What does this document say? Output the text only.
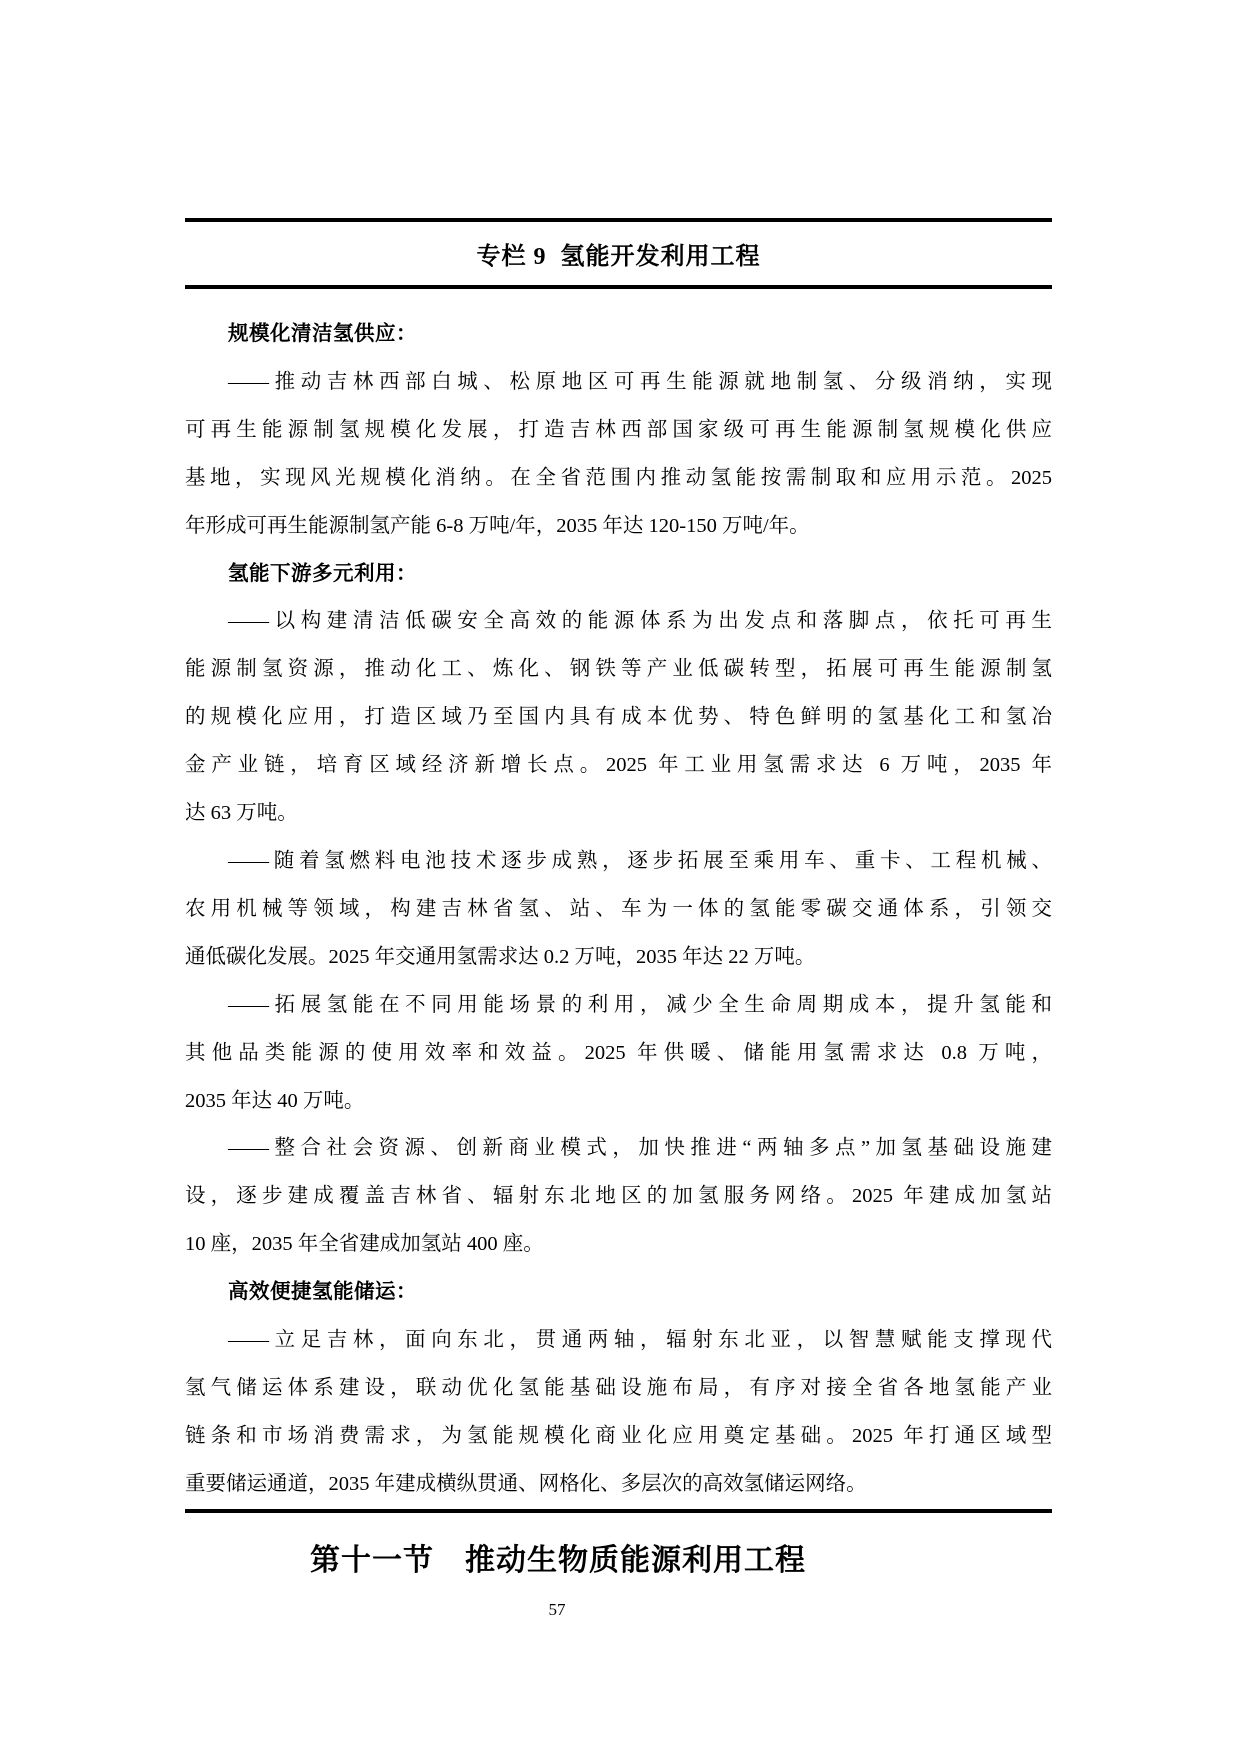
专栏 9  氢能开发利用工程
规模化清洁氢供应：
——推动吉林西部白城、松原地区可再生能源就地制氢、分级消纳，实现
可再生能源制氢规模化发展，打造吉林西部国家级可再生能源制氢规模化供应
基地，实现风光规模化消纳。在全省范围内推动氢能按需制取和应用示范。2025
年形成可再生能源制氢产能 6-8 万吨/年，2035 年达 120-150 万吨/年。
氢能下游多元利用：
——以构建清洁低碳安全高效的能源体系为出发点和落脚点，依托可再生
能源制氢资源，推动化工、炼化、钢铁等产业低碳转型，拓展可再生能源制氢
的规模化应用，打造区域乃至国内具有成本优势、特色鲜明的氢基化工和氢冶
金产业链，培育区域经济新增长点。2025 年工业用氢需求达 6 万吨，2035 年
达 63 万吨。
——随着氢燃料电池技术逐步成熟，逐步拓展至乘用车、重卡、工程机械、
农用机械等领域，构建吉林省氢、站、车为一体的氢能零碳交通体系，引领交
通低碳化发展。2025 年交通用氢需求达 0.2 万吨，2035 年达 22 万吨。
——拓展氢能在不同用能场景的利用，减少全生命周期成本，提升氢能和
其他品类能源的使用效率和效益。2025 年供暖、储能用氢需求达 0.8 万吨，
2035 年达 40 万吨。
——整合社会资源、创新商业模式，加快推进“两轴多点”加氢基础设施建
设，逐步建成覆盖吉林省、辐射东北地区的加氢服务网络。2025 年建成加氢站
10 座，2035 年全省建成加氢站 400 座。
高效便捷氢能储运：
——立足吉林，面向东北，贯通两轴，辐射东北亚，以智慧赋能支撑现代
氢气储运体系建设，联动优化氢能基础设施布局，有序对接全省各地氢能产业
链条和市场消费需求，为氢能规模化商业化应用奠定基础。2025 年打通区域型
重要储运通道，2035 年建成横纵贯通、网格化、多层次的高效氢储运网络。
第十一节　推动生物质能源利用工程
57
